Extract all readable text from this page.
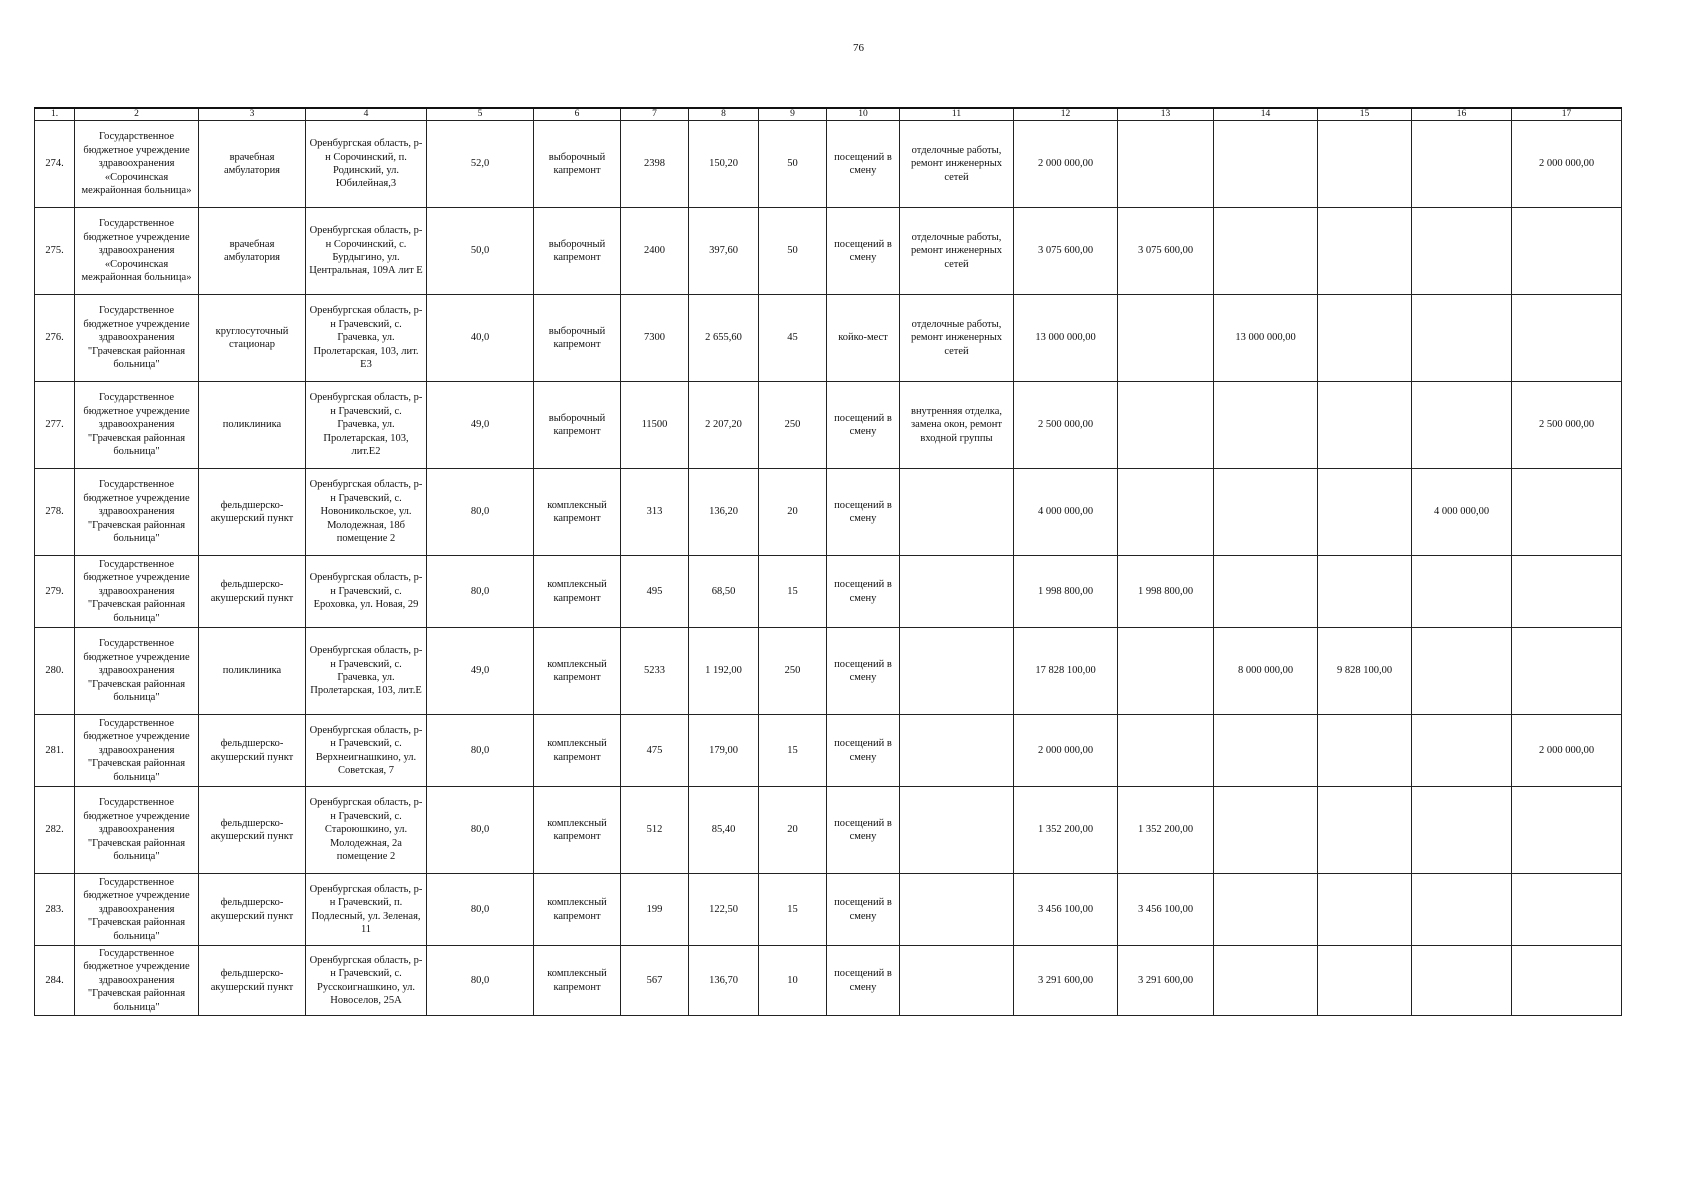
76
1.	2	3	4	5	6	7	8	9	10	11	12	13	14	15	16	17
274.	Государственное бюджетное учреждение здравоохранения «Сорочинская межрайонная больница»	врачебная амбулатория	Оренбургская область, р-н Сорочинский, п. Родинский, ул. Юбилейная,3	52,0	выборочный капремонт	2398	150,20	50	посещений в смену	отделочные работы, ремонт инженерных сетей	2 000 000,00					2 000 000,00
275.	Государственное бюджетное учреждение здравоохранения «Сорочинская межрайонная больница»	врачебная амбулатория	Оренбургская область, р-н Сорочинский, с. Бурдыгино, ул. Центральная, 109А лит Е	50,0	выборочный капремонт	2400	397,60	50	посещений в смену	отделочные работы, ремонт инженерных сетей	3 075 600,00	3 075 600,00				
276.	Государственное бюджетное учреждение здравоохранения "Грачевская районная больница"	круглосуточный стационар	Оренбургская область, р-н Грачевский, с. Грачевка, ул. Пролетарская, 103, лит. Е3	40,0	выборочный капремонт	7300	2 655,60	45	койко-мест	отделочные работы, ремонт инженерных сетей	13 000 000,00		13 000 000,00			
277.	Государственное бюджетное учреждение здравоохранения "Грачевская районная больница"	поликлиника	Оренбургская область, р-н Грачевский, с. Грачевка, ул. Пролетарская, 103, лит.Е2	49,0	выборочный капремонт	11500	2 207,20	250	посещений в смену	внутренняя отделка, замена окон, ремонт входной группы	2 500 000,00					2 500 000,00
278.	Государственное бюджетное учреждение здравоохранения "Грачевская районная больница"	фельдшерско-акушерский пункт	Оренбургская область, р-н Грачевский, с. Новоникольское, ул. Молодежная, 18б помещение 2	80,0	комплексный капремонт	313	136,20	20	посещений в смену		4 000 000,00				4 000 000,00	
279.	Государственное бюджетное учреждение здравоохранения "Грачевская районная больница"	фельдшерско-акушерский пункт	Оренбургская область, р-н Грачевский, с. Ероховка, ул. Новая, 29	80,0	комплексный капремонт	495	68,50	15	посещений в смену		1 998 800,00	1 998 800,00				
280.	Государственное бюджетное учреждение здравоохранения "Грачевская районная больница"	поликлиника	Оренбургская область, р-н Грачевский, с. Грачевка, ул. Пролетарская, 103, лит.Е	49,0	комплексный капремонт	5233	1 192,00	250	посещений в смену		17 828 100,00		8 000 000,00	9 828 100,00		
281.	Государственное бюджетное учреждение здравоохранения "Грачевская районная больница"	фельдшерско-акушерский пункт	Оренбургская область, р-н Грачевский, с. Верхнеигнашкино, ул. Советская, 7	80,0	комплексный капремонт	475	179,00	15	посещений в смену		2 000 000,00					2 000 000,00
282.	Государственное бюджетное учреждение здравоохранения "Грачевская районная больница"	фельдшерско-акушерский пункт	Оренбургская область, р-н Грачевский, с. Староюшкино, ул. Молодежная, 2а помещение 2	80,0	комплексный капремонт	512	85,40	20	посещений в смену		1 352 200,00	1 352 200,00				
283.	Государственное бюджетное учреждение здравоохранения "Грачевская районная больница"	фельдшерско-акушерский пункт	Оренбургская область, р-н Грачевский, п. Подлесный, ул. Зеленая, 11	80,0	комплексный капремонт	199	122,50	15	посещений в смену		3 456 100,00	3 456 100,00				
284.	Государственное бюджетное учреждение здравоохранения "Грачевская районная больница"	фельдшерско-акушерский пункт	Оренбургская область, р-н Грачевский, с. Русскоигнашкино, ул. Новоселов, 25А	80,0	комплексный капремонт	567	136,70	10	посещений в смену		3 291 600,00	3 291 600,00				
